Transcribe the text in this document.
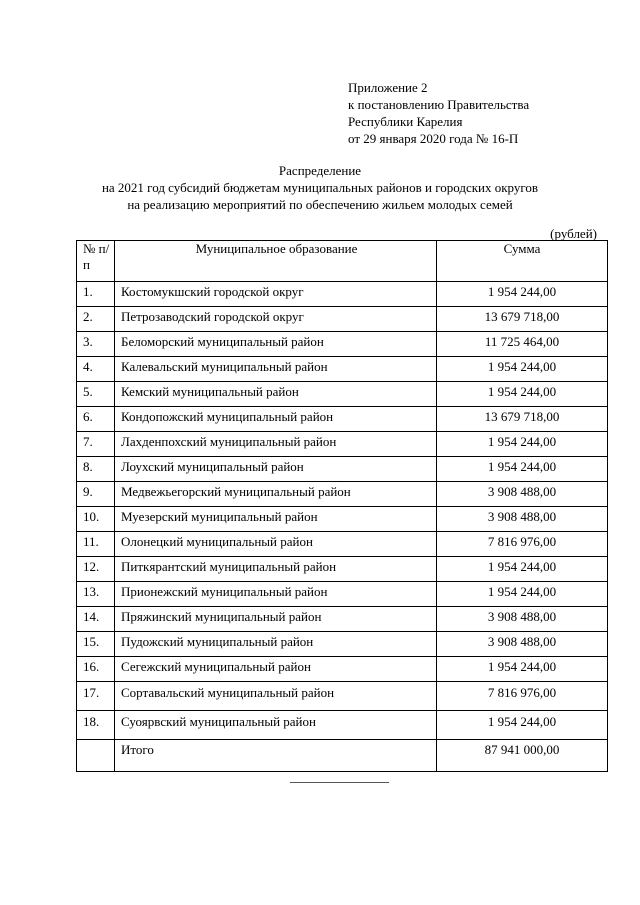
Приложение 2
к постановлению Правительства
Республики Карелия
от 29 января 2020 года № 16-П
Распределение
на 2021 год субсидий бюджетам муниципальных районов и городских округов
на реализацию мероприятий по обеспечению жильем молодых семей
(рублей)
№ п/п	Муниципальное образование	Сумма
1.	Костомукшский городской округ	1 954 244,00
2.	Петрозаводский городской округ	13 679 718,00
3.	Беломорский муниципальный район	11 725 464,00
4.	Калевальский муниципальный район	1 954 244,00
5.	Кемский муниципальный район	1 954 244,00
6.	Кондопожский муниципальный район	13 679 718,00
7.	Лахденпохский муниципальный район	1 954 244,00
8.	Лоухский муниципальный район	1 954 244,00
9.	Медвежьегорский муниципальный район	3 908 488,00
10.	Муезерский муниципальный район	3 908 488,00
11.	Олонецкий муниципальный район	7 816 976,00
12.	Питкярантский муниципальный район	1 954 244,00
13.	Прионежский муниципальный район	1 954 244,00
14.	Пряжинский муниципальный район	3 908 488,00
15.	Пудожский муниципальный район	3 908 488,00
16.	Сегежский муниципальный район	1 954 244,00
17.	Сортавальский муниципальный район	7 816 976,00
18.	Суоярвский муниципальный район	1 954 244,00
	Итого	87 941 000,00
